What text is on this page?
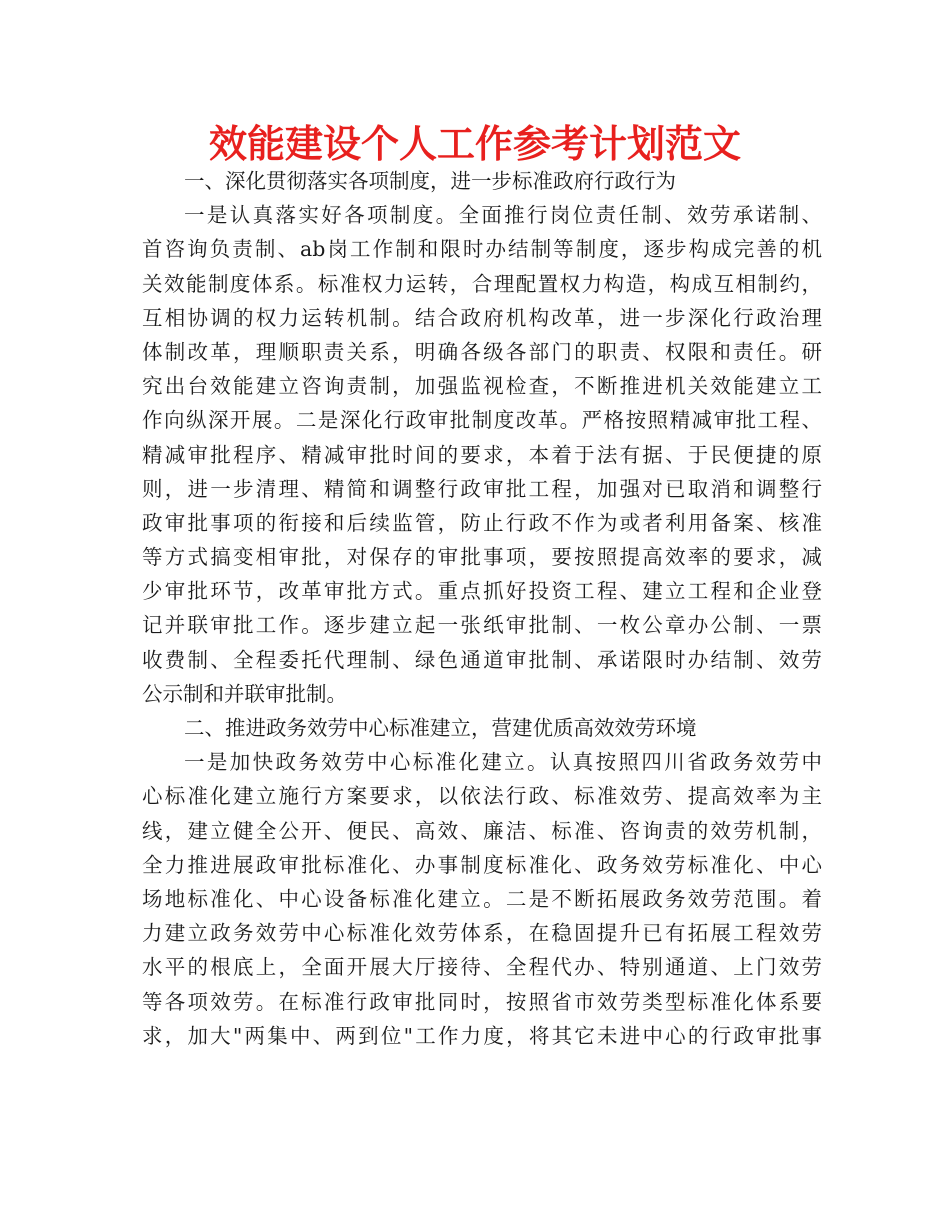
效能建设个人工作参考计划范文
一、深化贯彻落实各项制度，进一步标准政府行政行为
一是认真落实好各项制度。全面推行岗位责任制、效劳承诺制、
首咨询负责制、ab岗工作制和限时办结制等制度，逐步构成完善的机
关效能制度体系。标准权力运转，合理配置权力构造，构成互相制约，
互相协调的权力运转机制。结合政府机构改革，进一步深化行政治理
体制改革，理顺职责关系，明确各级各部门的职责、权限和责任。研
究出台效能建立咨询责制，加强监视检查，不断推进机关效能建立工
作向纵深开展。二是深化行政审批制度改革。严格按照精减审批工程、
精减审批程序、精减审批时间的要求，本着于法有据、于民便捷的原
则，进一步清理、精简和调整行政审批工程，加强对已取消和调整行
政审批事项的衔接和后续监管，防止行政不作为或者利用备案、核准
等方式搞变相审批，对保存的审批事项，要按照提高效率的要求，减
少审批环节，改革审批方式。重点抓好投资工程、建立工程和企业登
记并联审批工作。逐步建立起一张纸审批制、一枚公章办公制、一票
收费制、全程委托代理制、绿色通道审批制、承诺限时办结制、效劳
公示制和并联审批制。
二、推进政务效劳中心标准建立，营建优质高效效劳环境
一是加快政务效劳中心标准化建立。认真按照四川省政务效劳中
心标准化建立施行方案要求，以依法行政、标准效劳、提高效率为主
线，建立健全公开、便民、高效、廉洁、标准、咨询责的效劳机制，
全力推进展政审批标准化、办事制度标准化、政务效劳标准化、中心
场地标准化、中心设备标准化建立。二是不断拓展政务效劳范围。着
力建立政务效劳中心标准化效劳体系，在稳固提升已有拓展工程效劳
水平的根底上，全面开展大厅接待、全程代办、特别通道、上门效劳
等各项效劳。在标准行政审批同时，按照省市效劳类型标准化体系要
求，加大"两集中、两到位"工作力度，将其它未进中心的行政审批事
